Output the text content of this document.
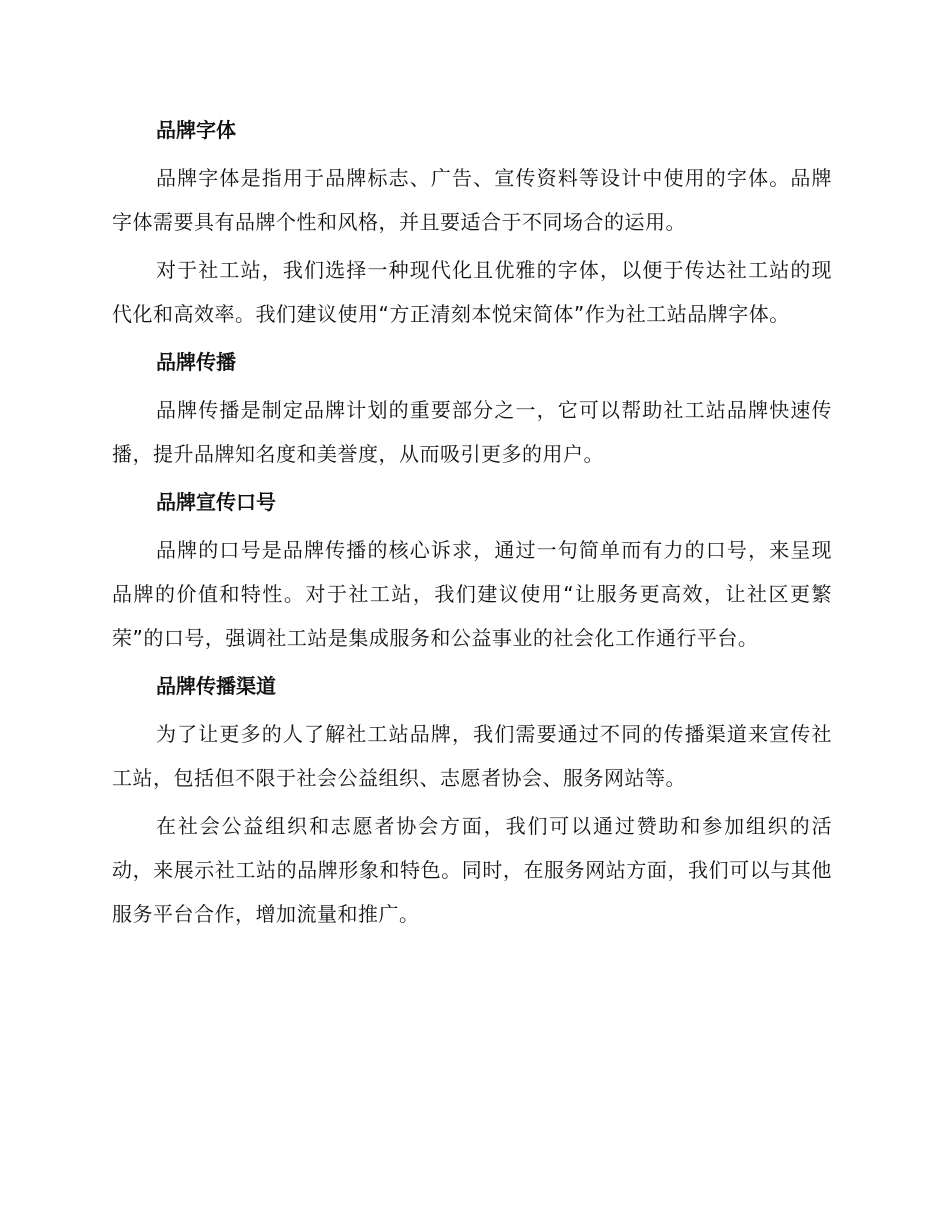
品牌字体

品牌字体是指用于品牌标志、广告、宣传资料等设计中使用的字体。品牌字体需要具有品牌个性和风格，并且要适合于不同场合的运用。

对于社工站，我们选择一种现代化且优雅的字体，以便于传达社工站的现代化和高效率。我们建议使用“方正清刻本悦宋简体”作为社工站品牌字体。

品牌传播

品牌传播是制定品牌计划的重要部分之一，它可以帮助社工站品牌快速传播，提升品牌知名度和美誉度，从而吸引更多的用户。

品牌宣传口号

品牌的口号是品牌传播的核心诉求，通过一句简单而有力的口号，来呈现品牌的价值和特性。对于社工站，我们建议使用“让服务更高效，让社区更繁荣”的口号，强调社工站是集成服务和公益事业的社会化工作通行平台。

品牌传播渠道

为了让更多的人了解社工站品牌，我们需要通过不同的传播渠道来宣传社工站，包括但不限于社会公益组织、志愿者协会、服务网站等。

在社会公益组织和志愿者协会方面，我们可以通过赞助和参加组织的活动，来展示社工站的品牌形象和特色。同时，在服务网站方面，我们可以与其他服务平台合作，增加流量和推广。
